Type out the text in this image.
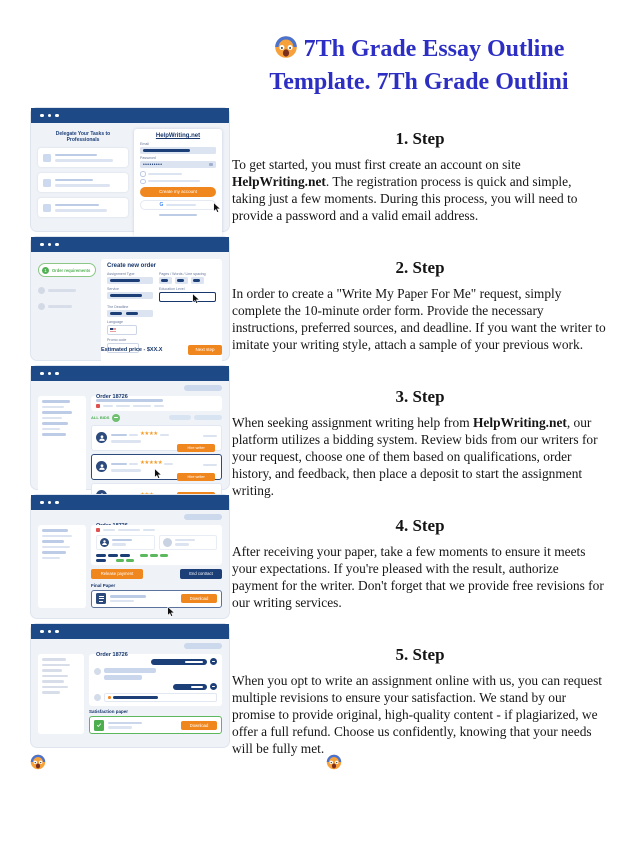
7Th Grade Essay Outline
Template. 7Th Grade Outlini
Delegate Your Tasks to Professionals
HelpWriting.net
Email
Password
•••••••••
Create my account
G
1. Step
To get started, you must first create an account on site HelpWriting.net. The registration process is quick and simple, taking just a few moments. During this process, you will need to provide a password and a valid email address.
1	Order requirements
Create new order
Assignment Type	Pages / Words / Line spacing
Service	Education Level
The Deadline
Language
Promo code
Estimated price - $XX.X	Next step
2. Step
In order to create a "Write My Paper For Me" request, simply complete the 10-minute order form. Provide the necessary instructions, preferred sources, and deadline. If you want the writer to imitate your writing style, attach a sample of your previous work.
Order 18726
ALL BIDS
★★★★
Hire writer
★★★★★
Hire writer
3. Step
When seeking assignment writing help from HelpWriting.net, our platform utilizes a bidding system. Review bids from our writers for your request, choose one of them based on qualifications, order history, and feedback, then place a deposit to start the assignment writing.
Release payment	End contract
Final Paper
Download
4. Step
After receiving your paper, take a few moments to ensure it meets your expectations. If you're pleased with the result, authorize payment for the writer. Don't forget that we provide free revisions for our writing services.
Order 18726
Satisfaction paper
Download
5. Step
When you opt to write an assignment online with us, you can request multiple revisions to ensure your satisfaction. We stand by our promise to provide original, high-quality content - if plagiarized, we offer a full refund. Choose us confidently, knowing that your needs will be fully met.
